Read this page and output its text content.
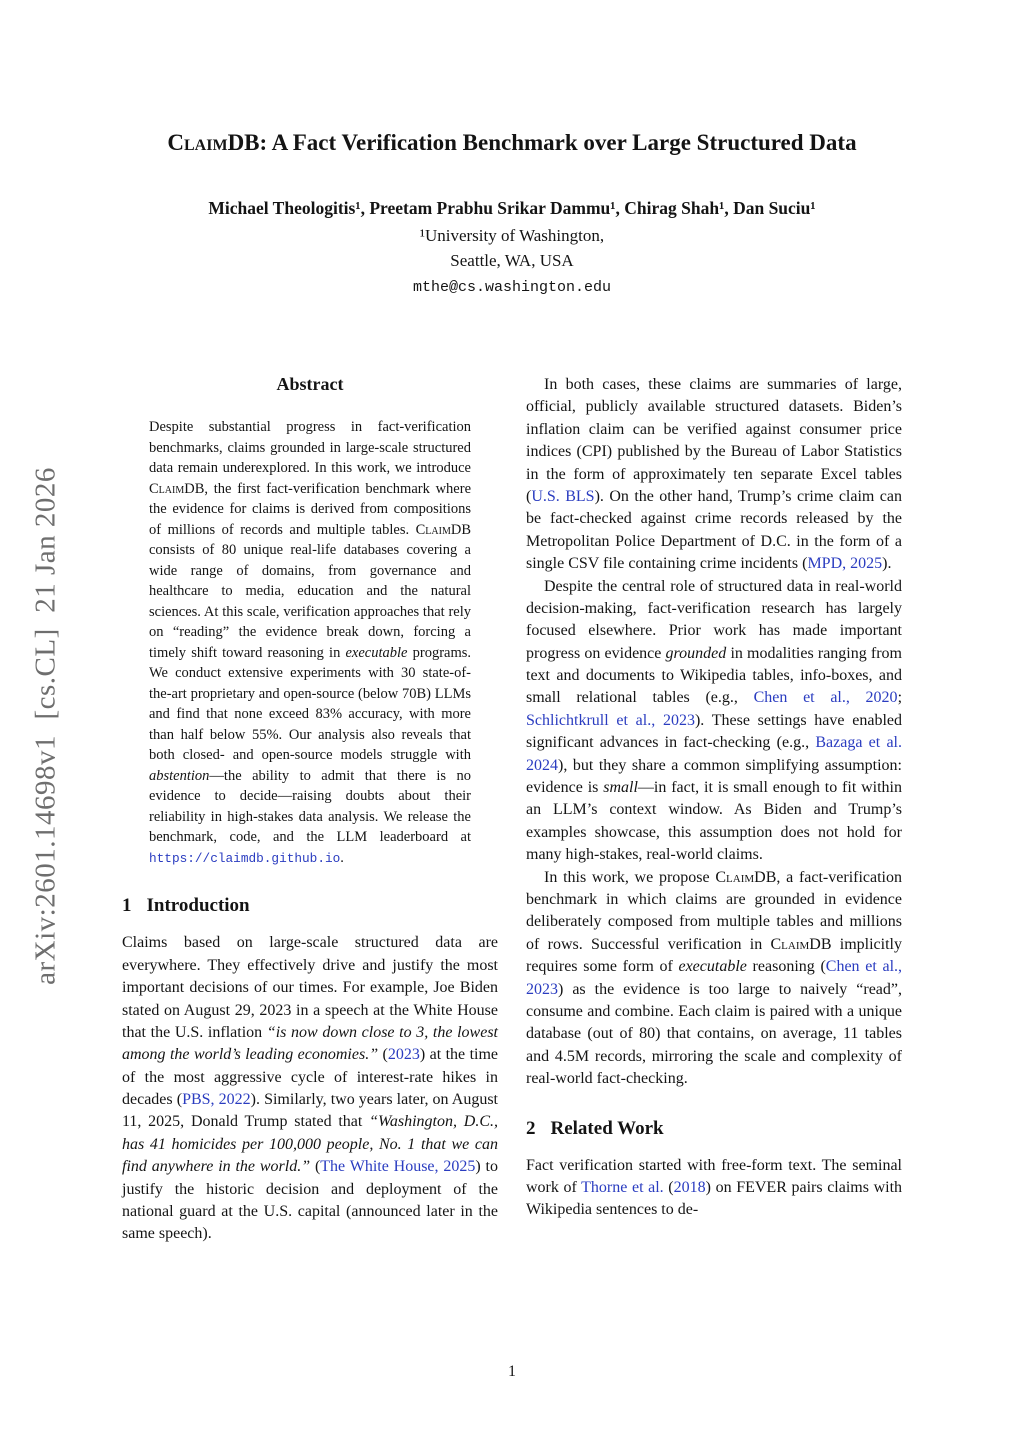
arXiv:2601.14698v1  [cs.CL]  21 Jan 2026
ClaimDB: A Fact Verification Benchmark over Large Structured Data
Michael Theologitis¹, Preetam Prabhu Srikar Dammu¹, Chirag Shah¹, Dan Suciu¹
¹University of Washington,
Seattle, WA, USA
mthe@cs.washington.edu
Abstract

Despite substantial progress in fact-verification benchmarks, claims grounded in large-scale structured data remain underexplored. In this work, we introduce ClaimDB, the first fact-verification benchmark where the evidence for claims is derived from compositions of millions of records and multiple tables. ClaimDB consists of 80 unique real-life databases covering a wide range of domains, from governance and healthcare to media, education and the natural sciences. At this scale, verification approaches that rely on “reading” the evidence break down, forcing a timely shift toward reasoning in executable programs. We conduct extensive experiments with 30 state-of-the-art proprietary and open-source (below 70B) LLMs and find that none exceed 83% accuracy, with more than half below 55%. Our analysis also reveals that both closed- and open-source models struggle with abstention—the ability to admit that there is no evidence to decide—raising doubts about their reliability in high-stakes data analysis. We release the benchmark, code, and the LLM leaderboard at https://claimdb.github.io.

1 Introduction

Claims based on large-scale structured data are everywhere. They effectively drive and justify the most important decisions of our times. For example, Joe Biden stated on August 29, 2023 in a speech at the White House that the U.S. inflation “is now down close to 3, the lowest among the world’s leading economies.” (2023) at the time of the most aggressive cycle of interest-rate hikes in decades (PBS, 2022). Similarly, two years later, on August 11, 2025, Donald Trump stated that “Washington, D.C., has 41 homicides per 100,000 people, No. 1 that we can find anywhere in the world.” (The White House, 2025) to justify the historic decision and deployment of the national guard at the U.S. capital (announced later in the same speech).

In both cases, these claims are summaries of large, official, publicly available structured datasets. Biden’s inflation claim can be verified against consumer price indices (CPI) published by the Bureau of Labor Statistics in the form of approximately ten separate Excel tables (U.S. BLS). On the other hand, Trump’s crime claim can be fact-checked against crime records released by the Metropolitan Police Department of D.C. in the form of a single CSV file containing crime incidents (MPD, 2025).

Despite the central role of structured data in real-world decision-making, fact-verification research has largely focused elsewhere. Prior work has made important progress on evidence grounded in modalities ranging from text and documents to Wikipedia tables, info-boxes, and small relational tables (e.g., Chen et al., 2020; Schlichtkrull et al., 2023). These settings have enabled significant advances in fact-checking (e.g., Bazaga et al. 2024), but they share a common simplifying assumption: evidence is small—in fact, it is small enough to fit within an LLM’s context window. As Biden and Trump’s examples showcase, this assumption does not hold for many high-stakes, real-world claims.

In this work, we propose ClaimDB, a fact-verification benchmark in which claims are grounded in evidence deliberately composed from multiple tables and millions of rows. Successful verification in ClaimDB implicitly requires some form of executable reasoning (Chen et al., 2023) as the evidence is too large to naively “read”, consume and combine. Each claim is paired with a unique database (out of 80) that contains, on average, 11 tables and 4.5M records, mirroring the scale and complexity of real-world fact-checking.

2 Related Work

Fact verification started with free-form text. The seminal work of Thorne et al. (2018) on FEVER pairs claims with Wikipedia sentences to de-

1
